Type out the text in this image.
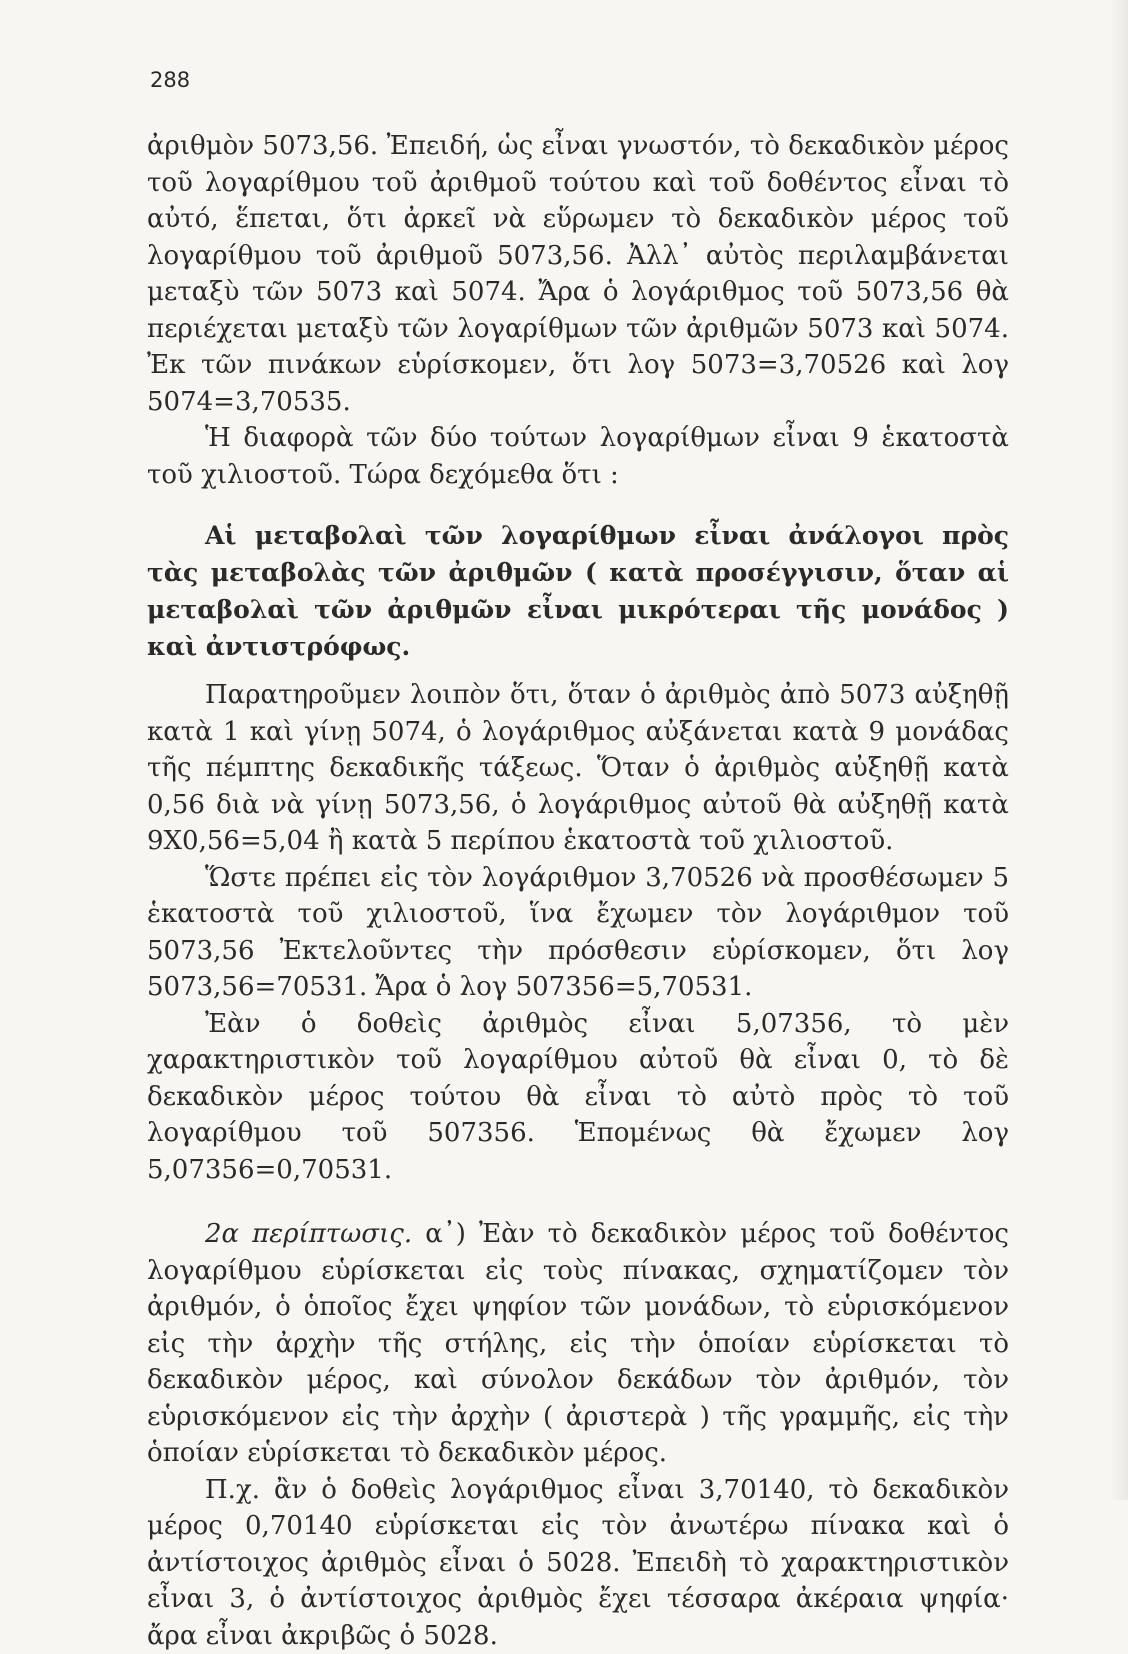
288

ἀριθμὸν 5073,56. Ἐπειδή, ὡς εἶναι γνωστόν, τὸ δεκαδικὸν μέρος τοῦ λογαρίθμου τοῦ ἀριθμοῦ τούτου καὶ τοῦ δοθέντος εἶναι τὸ αὐτό, ἕπεται, ὅτι ἀρκεῖ νὰ εὕρωμεν τὸ δεκαδικὸν μέρος τοῦ λογαρίθμου τοῦ ἀριθμοῦ 5073,56. Ἀλλ᾽ αὐτὸς περιλαμβάνεται μεταξὺ τῶν 5073 καὶ 5074. Ἄρα ὁ λογάριθμος τοῦ 5073,56 θὰ περιέχεται μεταξὺ τῶν λογαρίθμων τῶν ἀριθμῶν 5073 καὶ 5074. Ἐκ τῶν πινάκων εὑρίσκομεν, ὅτι λογ 5073=3,70526 καὶ λογ 5074=3,70535.

Ἡ διαφορὰ τῶν δύο τούτων λογαρίθμων εἶναι 9 ἑκατοστὰ τοῦ χιλιοστοῦ. Τώρα δεχόμεθα ὅτι :

Αἱ μεταβολαὶ τῶν λογαρίθμων εἶναι ἀνάλογοι πρὸς τὰς μεταβολὰς τῶν ἀριθμῶν ( κατὰ προσέγγισιν, ὅταν αἱ μεταβολαὶ τῶν ἀριθμῶν εἶναι μικρότεραι τῆς μονάδος ) καὶ ἀντιστρόφως.

Παρατηροῦμεν λοιπὸν ὅτι, ὅταν ὁ ἀριθμὸς ἀπὸ 5073 αὐξηθῇ κατὰ 1 καὶ γίνῃ 5074, ὁ λογάριθμος αὐξάνεται κατὰ 9 μονάδας τῆς πέμπτης δεκαδικῆς τάξεως. Ὅταν ὁ ἀριθμὸς αὐξηθῇ κατὰ 0,56 διὰ νὰ γίνῃ 5073,56, ὁ λογάριθμος αὐτοῦ θὰ αὐξηθῇ κατὰ 9Χ0,56=5,04 ἢ κατὰ 5 περίπου ἑκατοστὰ τοῦ χιλιοστοῦ.

Ὥστε πρέπει εἰς τὸν λογάριθμον 3,70526 νὰ προσθέσωμεν 5 ἑκατοστὰ τοῦ χιλιοστοῦ, ἵνα ἔχωμεν τὸν λογάριθμον τοῦ 5073,56 Ἐκτελοῦντες τὴν πρόσθεσιν εὑρίσκομεν, ὅτι λογ 5073,56=70531. Ἄρα ὁ λογ 507356=5,70531.

Ἐὰν ὁ δοθεὶς ἀριθμὸς εἶναι 5,07356, τὸ μὲν χαρακτηριστικὸν τοῦ λογαρίθμου αὐτοῦ θὰ εἶναι 0, τὸ δὲ δεκαδικὸν μέρος τούτου θὰ εἶναι τὸ αὐτὸ πρὸς τὸ τοῦ λογαρίθμου τοῦ 507356. Ἑπομένως θὰ ἔχωμεν λογ 5,07356=0,70531.

2α περίπτωσις. α᾽) Ἐὰν τὸ δεκαδικὸν μέρος τοῦ δοθέντος λογαρίθμου εὑρίσκεται εἰς τοὺς πίνακας, σχηματίζομεν τὸν ἀριθμόν, ὁ ὁποῖος ἔχει ψηφίον τῶν μονάδων, τὸ εὑρισκόμενον εἰς τὴν ἀρχὴν τῆς στήλης, εἰς τὴν ὁποίαν εὑρίσκεται τὸ δεκαδικὸν μέρος, καὶ σύνολον δεκάδων τὸν ἀριθμόν, τὸν εὑρισκόμενον εἰς τὴν ἀρχὴν ( ἀριστερὰ ) τῆς γραμμῆς, εἰς τὴν ὁποίαν εὑρίσκεται τὸ δεκαδικὸν μέρος.

Π.χ. ἂν ὁ δοθεὶς λογάριθμος εἶναι 3,70140, τὸ δεκαδικὸν μέρος 0,70140 εὑρίσκεται εἰς τὸν ἀνωτέρω πίνακα καὶ ὁ ἀντίστοιχος ἀριθμὸς εἶναι ὁ 5028. Ἐπειδὴ τὸ χαρακτηριστικὸν εἶναι 3, ὁ ἀντίστοιχος ἀριθμὸς ἔχει τέσσαρα ἀκέραια ψηφία· ἄρα εἶναι ἀκριβῶς ὁ 5028.
